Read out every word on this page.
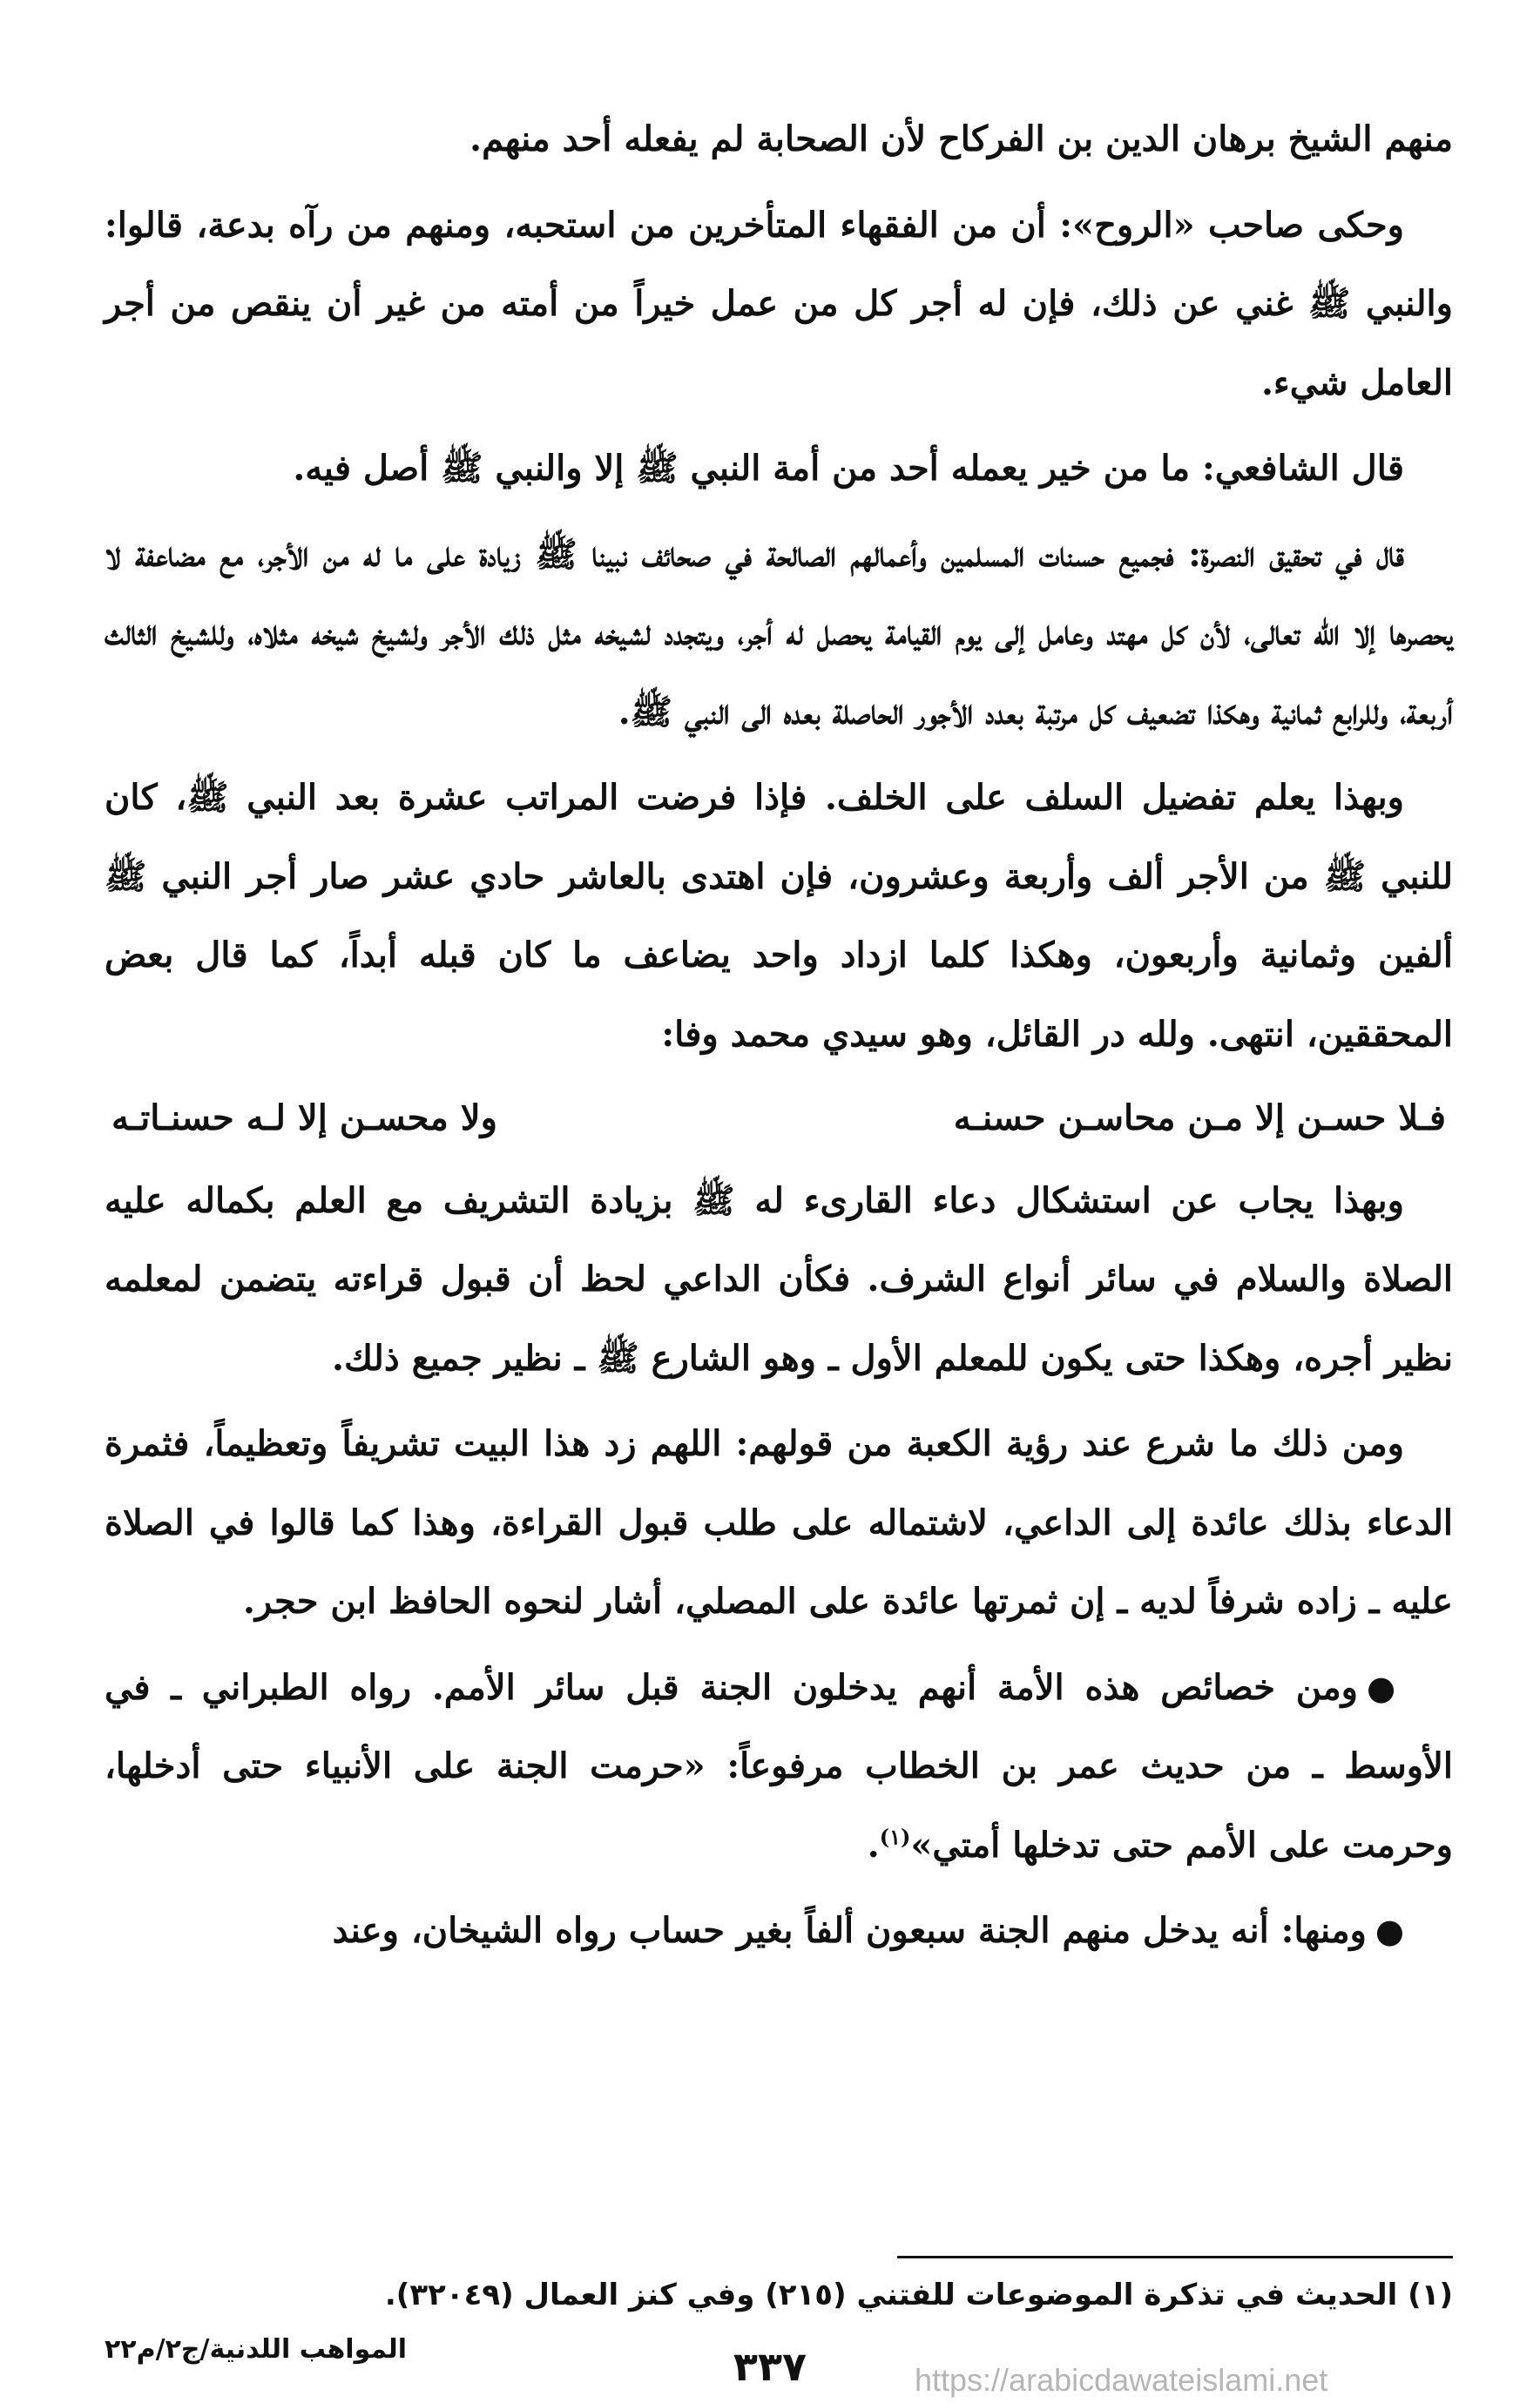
منهم الشيخ برهان الدين بن الفركاح لأن الصحابة لم يفعله أحد منهم.

وحكى صاحب «الروح»: أن من الفقهاء المتأخرين من استحبه، ومنهم من رآه بدعة، قالوا: والنبي ﷺ غني عن ذلك، فإن له أجر كل من عمل خيراً من أمته من غير أن ينقص من أجر العامل شيء.

قال الشافعي: ما من خير يعمله أحد من أمة النبي ﷺ إلا والنبي ﷺ أصل فيه.

قال في تحقيق النصرة: فجميع حسنات المسلمين وأعمالهم الصالحة في صحائف نبينا ﷺ زيادة على ما له من الأجر، مع مضاعفة لا يحصرها إلا الله تعالى، لأن كل مهتد وعامل إلى يوم القيامة يحصل له أجر، ويتجدد لشيخه مثل ذلك الأجر ولشيخ شيخه مثلاه، وللشيخ الثالث أربعة، وللرابع ثمانية وهكذا تضعيف كل مرتبة بعدد الأجور الحاصلة بعده الى النبي ﷺ.

وبهذا يعلم تفضيل السلف على الخلف. فإذا فرضت المراتب عشرة بعد النبي ﷺ، كان للنبي ﷺ من الأجر ألف وأربعة وعشرون، فإن اهتدى بالعاشر حادي عشر صار أجر النبي ﷺ ألفين وثمانية وأربعون، وهكذا كلما ازداد واحد يضاعف ما كان قبله أبداً، كما قال بعض المحققين، انتهى. ولله در القائل، وهو سيدي محمد وفا:

فـلا حسـن إلا مـن محاسـن حسنـه
ولا محسـن إلا لـه حسنـاتـه

وبهذا يجاب عن استشكال دعاء القارىء له ﷺ بزيادة التشريف مع العلم بكماله عليه الصلاة والسلام في سائر أنواع الشرف. فكأن الداعي لحظ أن قبول قراءته يتضمن لمعلمه نظير أجره، وهكذا حتى يكون للمعلم الأول ـ وهو الشارع ﷺ ـ نظير جميع ذلك.

ومن ذلك ما شرع عند رؤية الكعبة من قولهم: اللهم زد هذا البيت تشريفاً وتعظيماً، فثمرة الدعاء بذلك عائدة إلى الداعي، لاشتماله على طلب قبول القراءة، وهذا كما قالوا في الصلاة عليه ـ زاده شرفاً لديه ـ إن ثمرتها عائدة على المصلي، أشار لنحوه الحافظ ابن حجر.

●ومن خصائص هذه الأمة أنهم يدخلون الجنة قبل سائر الأمم. رواه الطبراني ـ في الأوسط ـ من حديث عمر بن الخطاب مرفوعاً: «حرمت الجنة على الأنبياء حتى أدخلها، وحرمت على الأمم حتى تدخلها أمتي»$^{(١)}$.

●ومنها: أنه يدخل منهم الجنة سبعون ألفاً بغير حساب رواه الشيخان، وعند

(١) الحديث في تذكرة الموضوعات للفتني (٢١٥) وفي كنز العمال (٣٢٠٤٩).
المواهب اللدنية/ج٢/م٢٢	٣٣٧	https://arabicdawateislami.net
